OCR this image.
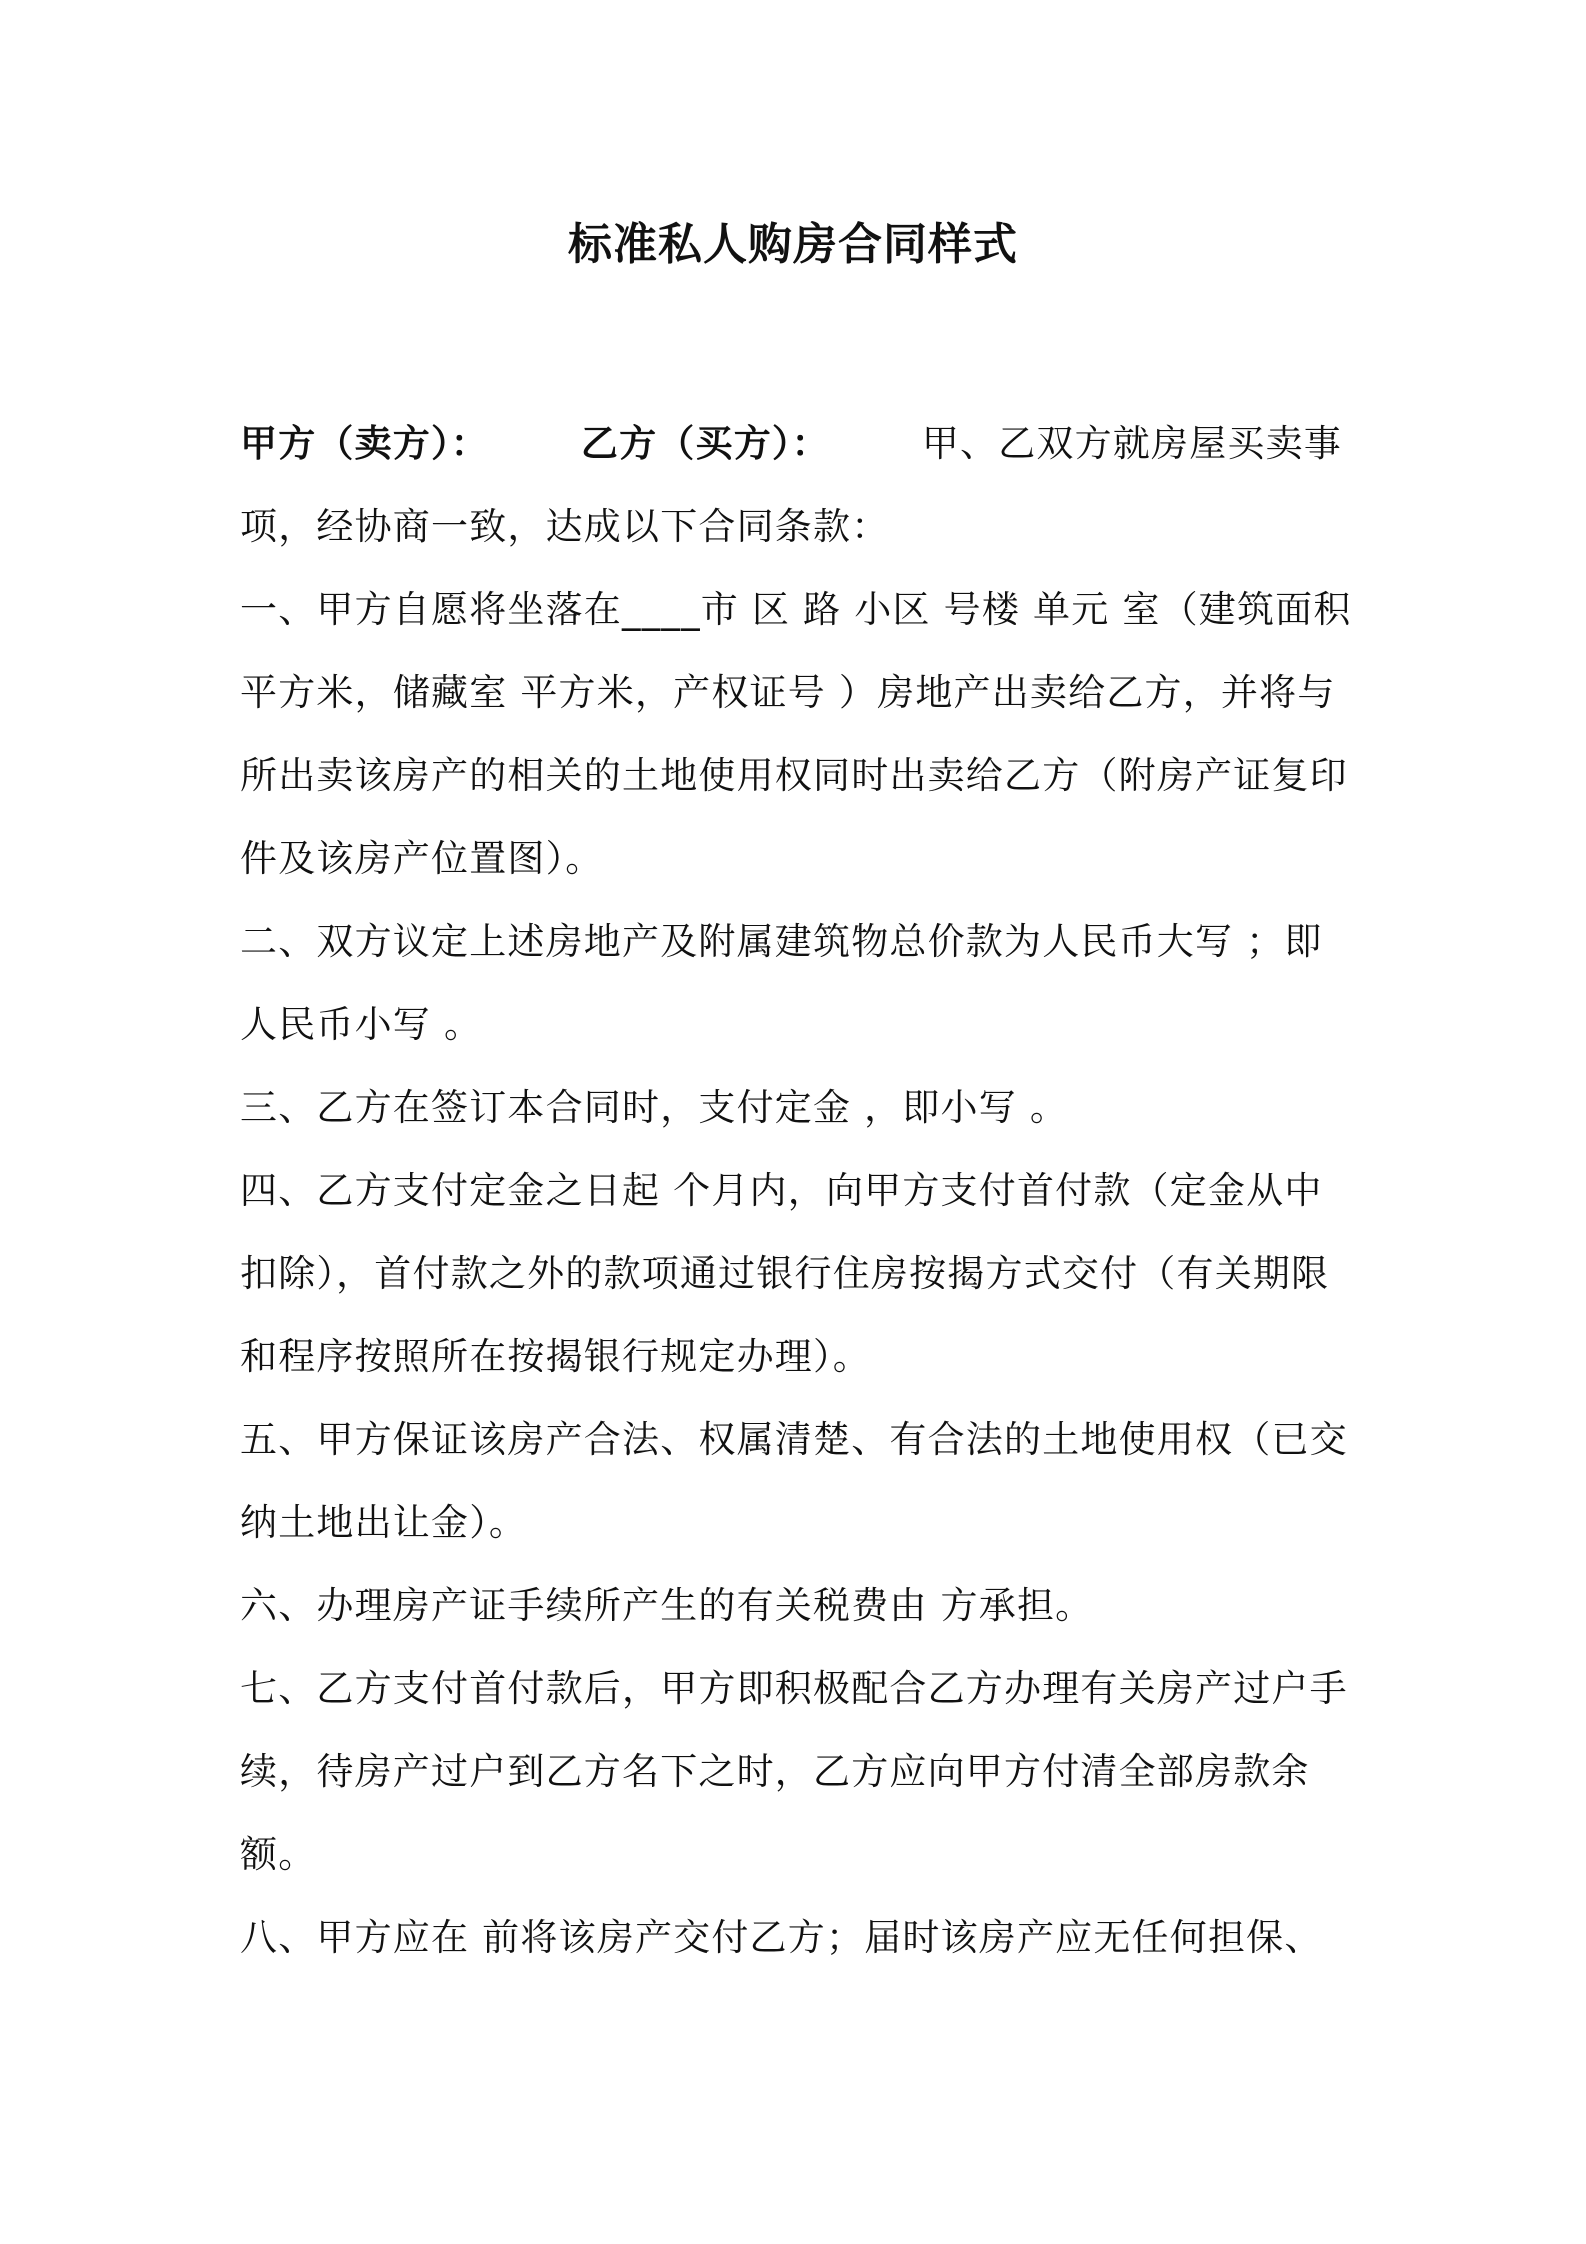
标准私人购房合同样式

甲方（卖方）： 乙方（买方）： 甲、乙双方就房屋买卖事项，经协商一致，达成以下合同条款：

一、甲方自愿将坐落在____市 区 路 小区 号楼 单元 室（建筑面积 平方米，储藏室 平方米，产权证号 ）房地产出卖给乙方，并将与所出卖该房产的相关的土地使用权同时出卖给乙方（附房产证复印件及该房产位置图）。

二、双方议定上述房地产及附属建筑物总价款为人民币大写 ；即人民币小写 。

三、乙方在签订本合同时，支付定金 ，即小写 。

四、乙方支付定金之日起 个月内，向甲方支付首付款（定金从中扣除），首付款之外的款项通过银行住房按揭方式交付（有关期限和程序按照所在按揭银行规定办理）。

五、甲方保证该房产合法、权属清楚、有合法的土地使用权（已交纳土地出让金）。

六、办理房产证手续所产生的有关税费由 方承担。

七、乙方支付首付款后，甲方即积极配合乙方办理有关房产过户手续，待房产过户到乙方名下之时，乙方应向甲方付清全部房款余额。

八、甲方应在 前将该房产交付乙方；届时该房产应无任何担保、
